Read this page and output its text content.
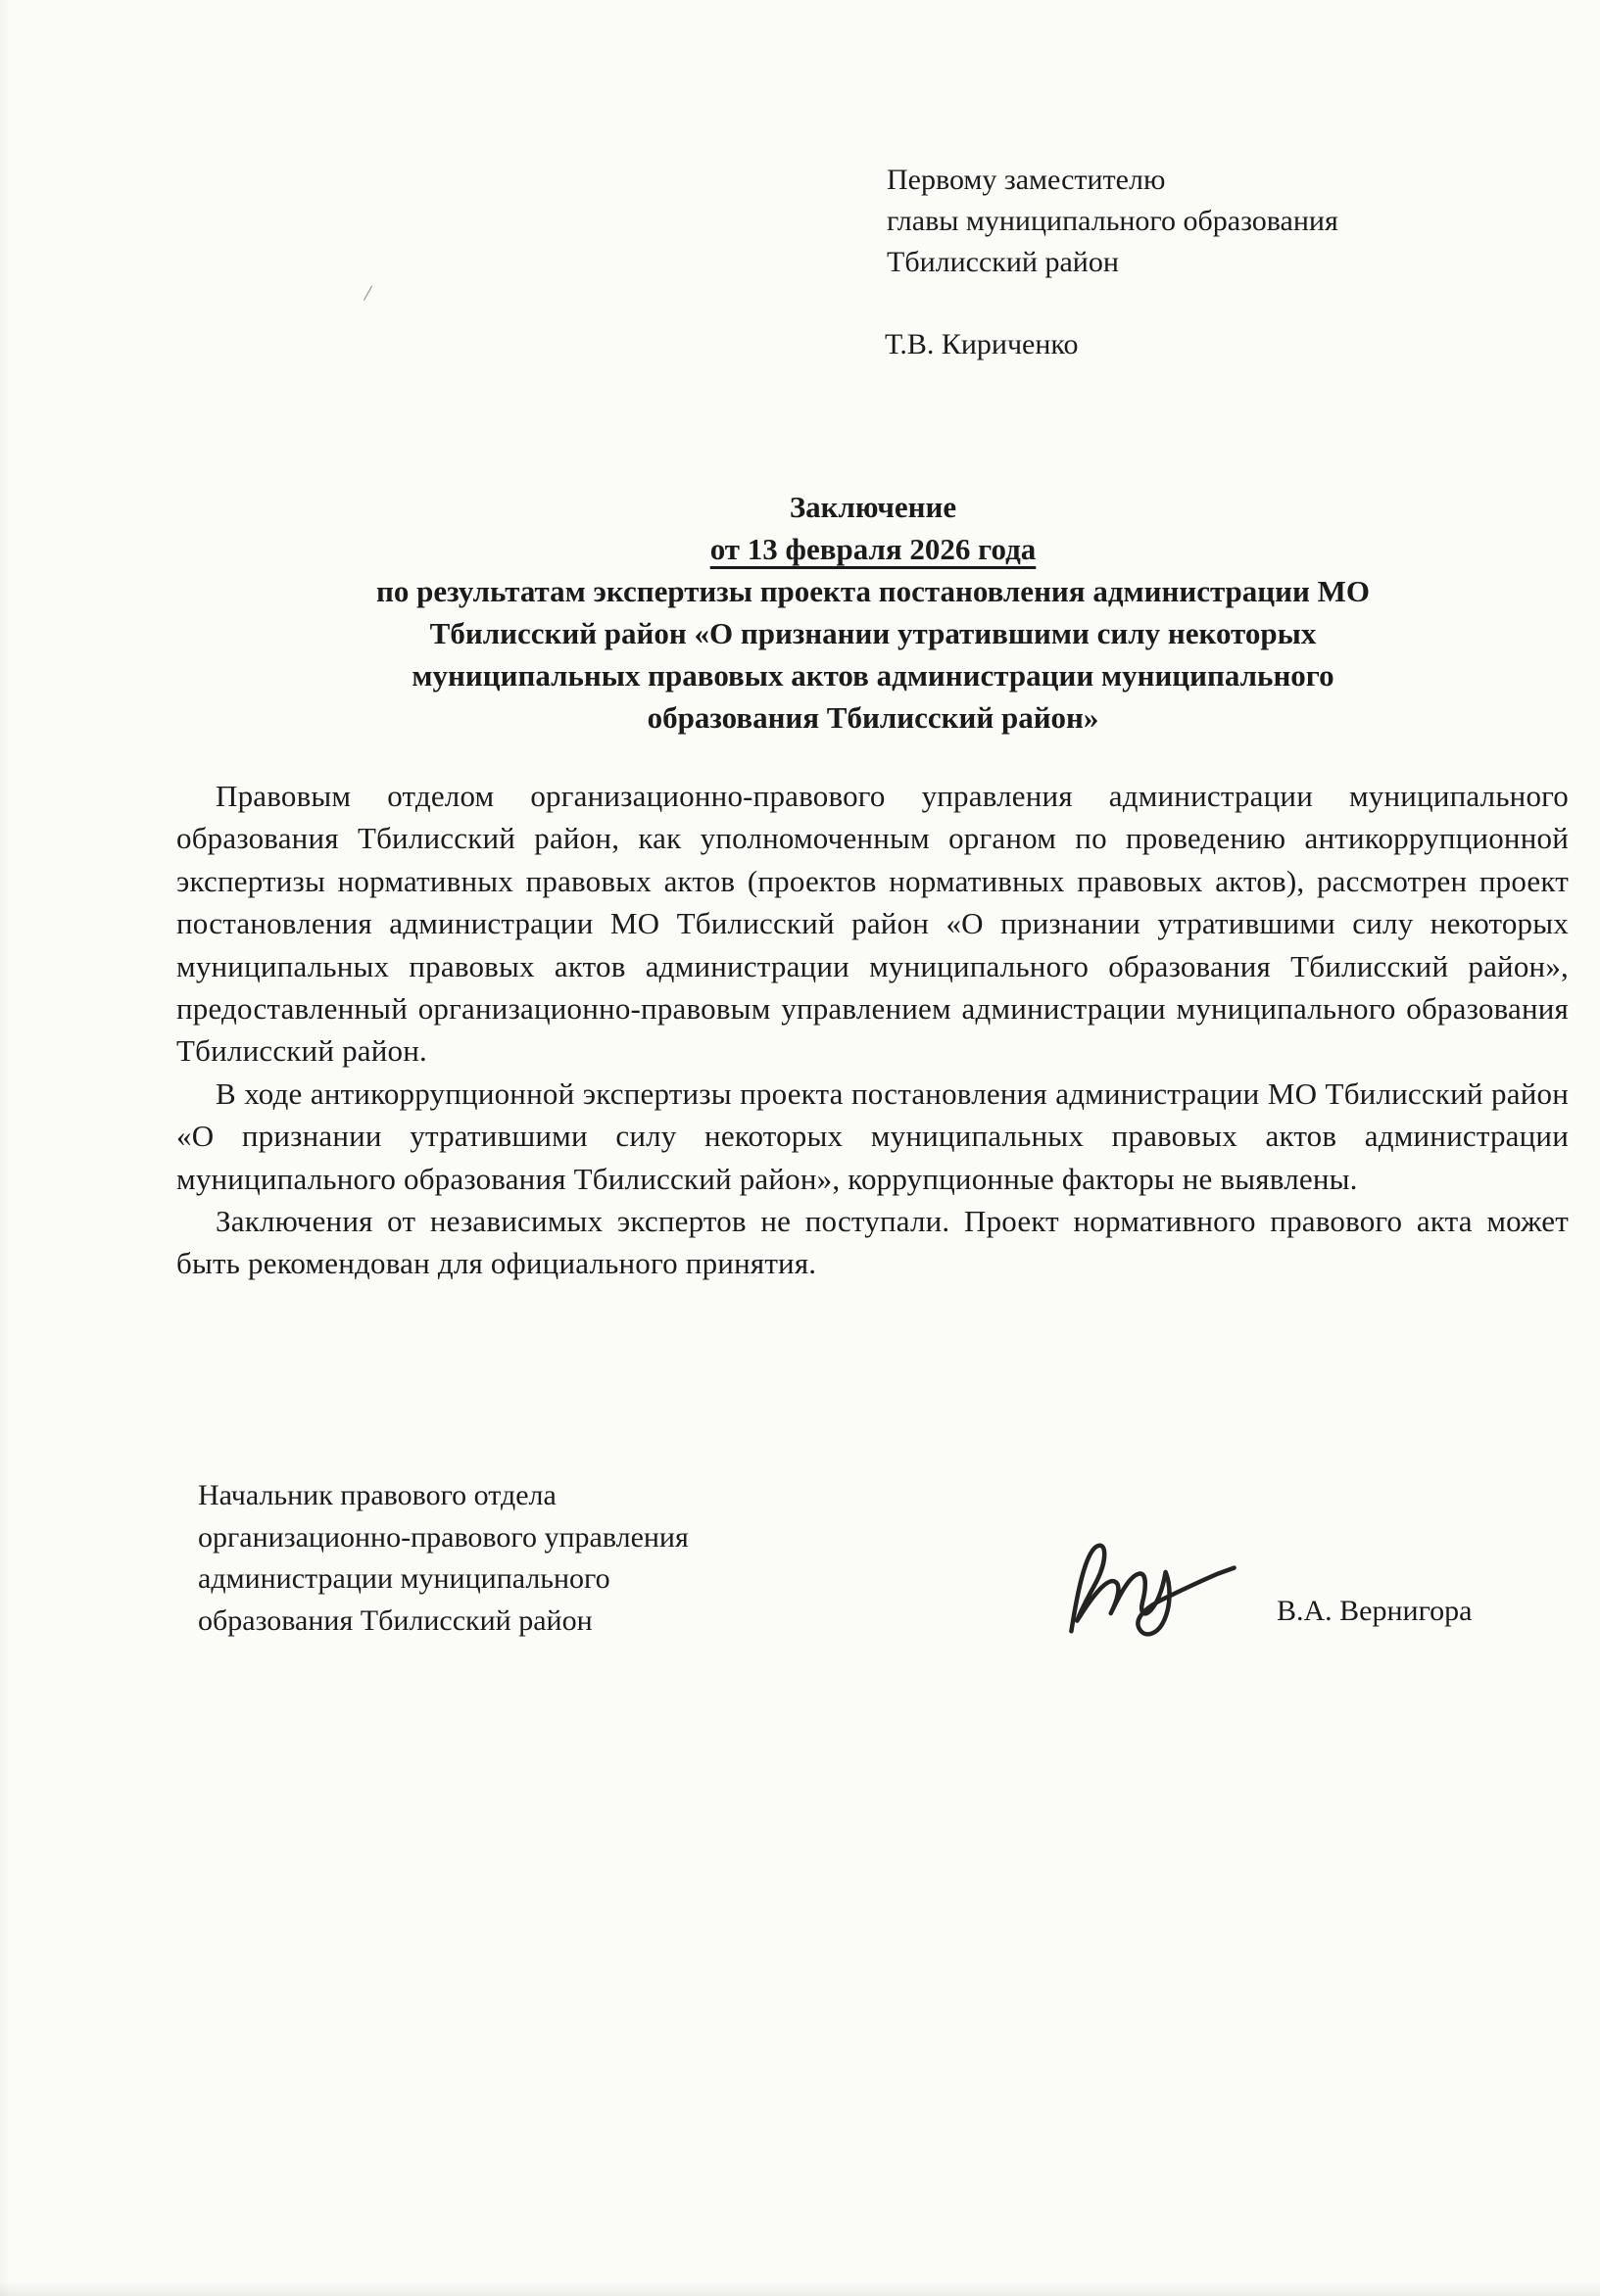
/
Первому заместителю
главы муниципального образования
Тбилисский район
Т.В. Кириченко
Заключение
от 13 февраля 2026 года
по результатам экспертизы проекта постановления администрации МО
Тбилисский район «О признании утратившими силу некоторых
муниципальных правовых актов администрации муниципального
образования Тбилисский район»

Правовым отделом организационно-правового управления администрации муниципального образования Тбилисский район, как уполномоченным органом по проведению антикоррупционной экспертизы нормативных правовых актов (проектов нормативных правовых актов), рассмотрен проект постановления администрации МО Тбилисский район «О признании утратившими силу некоторых муниципальных правовых актов администрации муниципального образования Тбилисский район», предоставленный организационно-правовым управлением администрации муниципального образования Тбилисский район.

В ходе антикоррупционной экспертизы проекта постановления администрации МО Тбилисский район «О признании утратившими силу некоторых муниципальных правовых актов администрации муниципального образования Тбилисский район», коррупционные факторы не выявлены.

Заключения от независимых экспертов не поступали. Проект нормативного правового акта может быть рекомендован для официального принятия.

Начальник правового отдела
организационно-правового управления
администрации муниципального
образования Тбилисский район	В.А. Вернигора
